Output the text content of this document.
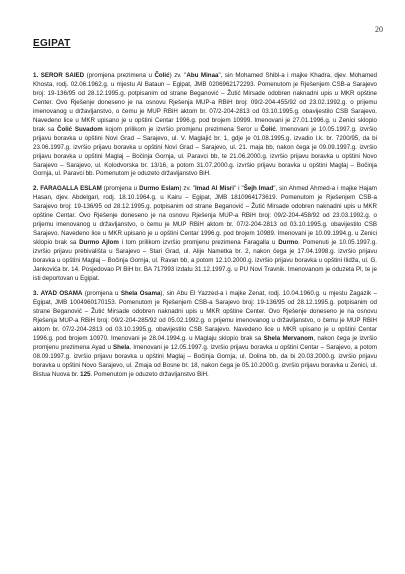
20
EGIPAT

1. SEROR SAIED (promjena prezimena u Čolić) zv. "Abu Minaa", sin Mohamed Shibl-a i majke Khadra, djev. Mohamed Khosta, rodj. 02.06.1962.g. u mjestu Al Bataun – Egipat, JMB 0206962172293. Pomenutom je Rješenjem CSB-a Sarajevo broj: 19-136/95 od 28.12.1995.g. potpisanim od strane Beganović – Žutić Mirsade odobren naknadni upis u MKR opštine Center. Ovo Rješenje doneseno je na osnovu Rješenja MUP-a RBiH broj: 09/2-204-455/92 od 23.02.1992.g. o prijemu imenovanog u državljanstvo, o čemu je MUP RBiH aktom br. 07/2-204-2813 od 03.10.1995.g. obavijestilo CSB Sarajevo. Navedeno lice u MKR upisano je u opštini Centar 1996.g. pod brojem 10999. Imenovani je 27.01.1996.g. u Zenici sklopio brak sa Čolić Suvadom kojom prilikom je izvršio promjenu prezimena Seror u Čolić. Imenovani je 10.05.1997.g. izvršio prijavu boravka u opštini Novi Grad – Sarajevo, ul. V. Maglajić br. 1, gdje je 01.08.1995.g. izvadio l.k. br. 7200/95, da bi 23.06.1997.g. izvršio prijavu boravka u opštini Novi Grad – Sarajevo, ul. 21. maja bb, nakon čega je 09.09.1997.g. izvršio prijavu boravka u opštini Maglaj – Bočinja Gornja, ul. Paravci bb, te 21.06.2000.g. izvršio prijavu boravka u opštini Novo Sarajevo – Sarajevo, ul. Kolodvorska br. 13/16, a potom 31.07.2000.g. izvršio prijavu boravka u opštini Maglaj – Bočinja Gornja, ul. Paravci bb. Pomenutom je oduzeto državljanstvo BiH.

2. FARAGALLA ESLAM (promjena u Durmo Eslam) zv. "Imad Al Misri" i "Šejh Imad", sin Ahmed Ahmed-a i majke Hajam Hasan, djev. Abdelgari, rodj. 18.10.1964.g. u Kairu – Egipat, JMB 1810964173619. Pomenutom je Rješenjem CSB-a Sarajevo broj: 19-136/95 od 28.12.1995.g. potpisanim od strane Beganović – Žutić Mirsade odobren naknadni upis u MKR opštine Centar. Ovo Rješenje doneseno je na osnovu Rješenja MUP-a RBiH broj: 09/2-204-458/92 od 23.03.1992.g. o prijemu imenovanog u državljanstvo, o čemu je MUP RBiH aktom br. 07/2-204-2813 od 03.10.1995.g. obavijestilo CSB Sarajevo. Navedeno lice u MKR upisano je u opštini Centar 1996.g. pod brojem 10989. Imenovani je 10.09.1994.g. u Zenici sklopio brak sa Durmo Ajlom i tom prilikom izvršio promjenu prezimena Faragalla u Durmo. Pomenuti je 10.05.1997.g. izvršio prijavu prebivališta u Sarajevo – Stari Grad, ul. Alije Nametka br. 2, nakon čega je 17.04.1998.g. izvršio prijavu boravka u opštini Maglaj – Bočinja Gornja, ul. Ravan bb, a potom 12.10.2000.g. izvršio prijavu boravka u opštini Ilidža, ul. G. Jankovića br. 14. Posjedovao Pl BiH br. BA 717993 izdatu 31.12.1997.g. u PU Novi Travnik. Imenovanom je oduzeta Pl, te je isti deportovan u Egipat.

3. AYAD OSAMA (promjena u Shela Osama), sin Abu El Yazzed-a i majke Zenat, rodj. 10.04.1960.g. u mjestu Zagazik – Egipat, JMB 1004960170153. Pomenutom je Rješenjem CSB-a Sarajevo broj: 19-136/95 od 28.12.1995.g. potpisanim od strane Beganović – Žutić Mirsade odobren naknadni upis u MKR opštine Center. Ovo Rješenje doneseno je na osnovu Rješenja MUP-a RBiH broj: 09/2-204-285/92 od 05.02.1992.g. o prijemu imenovanog u državljanstvo, o čemu je MUP RBiH aktom br. 07/2-204-2813 od 03.10.1995.g. obavijestilo CSB Sarajevo. Navedeno lice u MKR upisano je u opštini Centar 1996.g. pod brojem 10970. Imenovani je 28.04.1994.g. u Maglaju sklopio brak sa Shela Mervanom, nakon čega je izvršio promjenu prezimena Ayad u Shela. Imenovani je 12.05.1997.g. izvršio prijavu boravka u opštini Centar – Sarajevo, a potom 08.09.1997.g. izvršio prijavu boravka u opštini Maglaj – Bočinja Gornja, ul. Dolina bb, da bi 20.03.2000.g. izvršio prijavu boravka u opštini Novo Sarajevo, ul. Zmaja od Bosne br. 18, nakon čega je 05.10.2000.g. izvršio prijavu boravka u Zenici, ul. Bistua Nuova br. 125. Pomenutom je oduzeto državljanstvo BiH.
